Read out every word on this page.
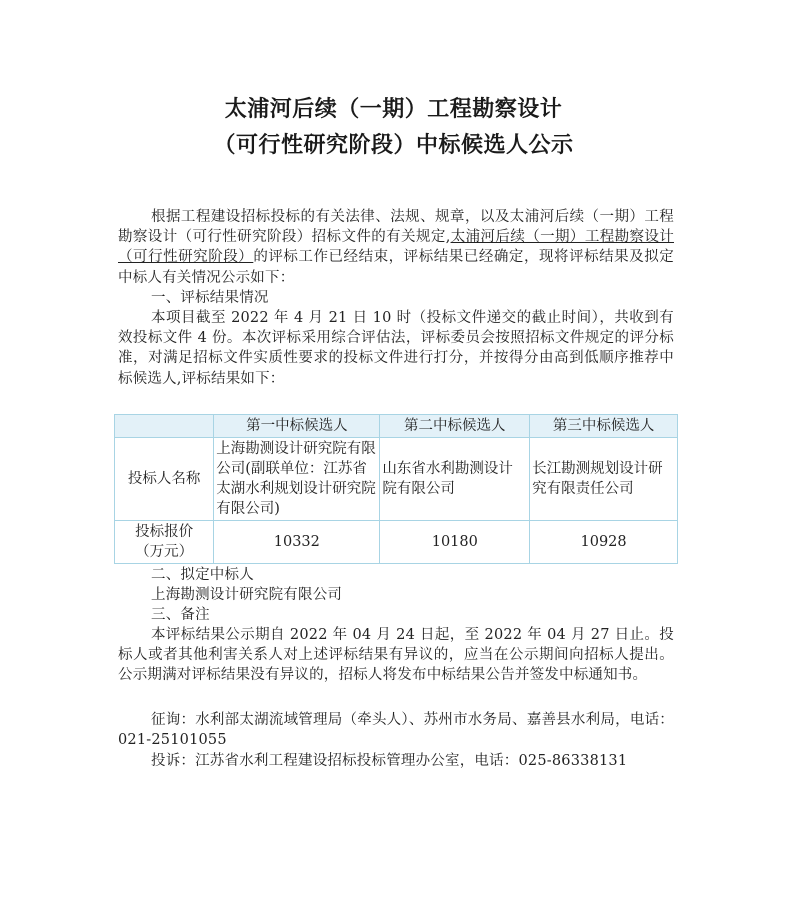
太浦河后续（一期）工程勘察设计
（可行性研究阶段）中标候选人公示
根据工程建设招标投标的有关法律、法规、规章，以及太浦河后续（一期）工程勘察设计（可行性研究阶段）招标文件的有关规定,太浦河后续（一期）工程勘察设计（可行性研究阶段）的评标工作已经结束，评标结果已经确定，现将评标结果及拟定中标人有关情况公示如下：
一、评标结果情况
本项目截至 2022 年 4 月 21 日 10 时（投标文件递交的截止时间），共收到有效投标文件 4 份。本次评标采用综合评估法，评标委员会按照招标文件规定的评分标准，对满足招标文件实质性要求的投标文件进行打分，并按得分由高到低顺序推荐中标候选人,评标结果如下：
	第一中标候选人	第二中标候选人	第三中标候选人
投标人名称	上海勘测设计研究院有限公司(副联单位：江苏省太湖水利规划设计研究院有限公司)	山东省水利勘测设计院有限公司	长江勘测规划设计研究有限责任公司
投标报价（万元）	10332	10180	10928
二、拟定中标人
上海勘测设计研究院有限公司
三、备注
本评标结果公示期自 2022 年 04 月 24 日起，至 2022 年 04 月 27 日止。投标人或者其他利害关系人对上述评标结果有异议的，应当在公示期间向招标人提出。公示期满对评标结果没有异议的，招标人将发布中标结果公告并签发中标通知书。
征询：水利部太湖流域管理局（牵头人）、苏州市水务局、嘉善县水利局，电话：021-25101055
投诉：江苏省水利工程建设招标投标管理办公室，电话：025-86338131
